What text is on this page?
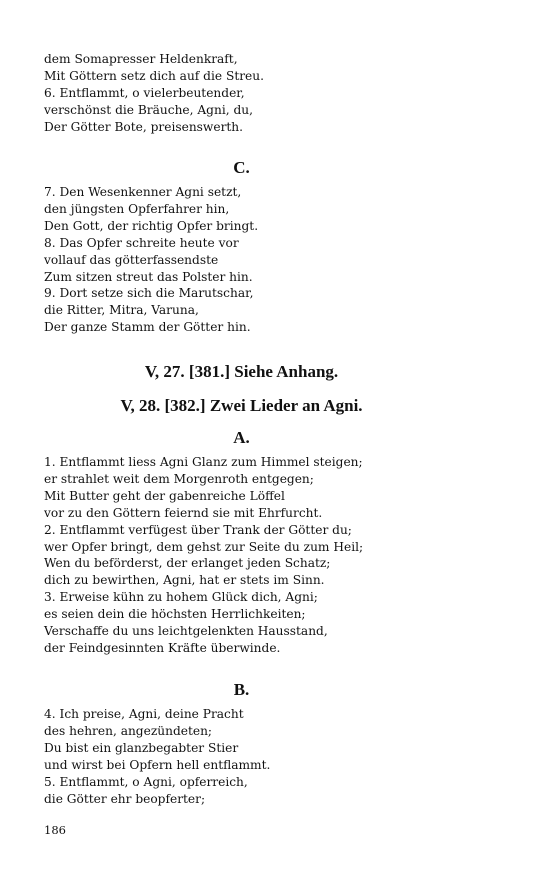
dem Somapresser Heldenkraft,
Mit Göttern setz dich auf die Streu.
6. Entflammt, o vielerbeutender,
verschönst die Bräuche, Agni, du,
Der Götter Bote, preisenswerth.
C.
7. Den Wesenkenner Agni setzt,
den jüngsten Opferfahrer hin,
Den Gott, der richtig Opfer bringt.
8. Das Opfer schreite heute vor
vollauf das götterfassendste
Zum sitzen streut das Polster hin.
9. Dort setze sich die Marutschar,
die Ritter, Mitra, Varuna,
Der ganze Stamm der Götter hin.
V, 27. [381.] Siehe Anhang.
V, 28. [382.] Zwei Lieder an Agni.
A.
1. Entflammt liess Agni Glanz zum Himmel steigen;
er strahlet weit dem Morgenroth entgegen;
Mit Butter geht der gabenreiche Löffel
vor zu den Göttern feiernd sie mit Ehrfurcht.
2. Entflammt verfügest über Trank der Götter du;
wer Opfer bringt, dem gehst zur Seite du zum Heil;
Wen du beförderst, der erlanget jeden Schatz;
dich zu bewirthen, Agni, hat er stets im Sinn.
3. Erweise kühn zu hohem Glück dich, Agni;
es seien dein die höchsten Herrlichkeiten;
Verschaffe du uns leichtgelenkten Hausstand,
der Feindgesinnten Kräfte überwinde.
B.
4. Ich preise, Agni, deine Pracht
des hehren, angezündeten;
Du bist ein glanzbegabter Stier
und wirst bei Opfern hell entflammt.
5. Entflammt, o Agni, opferreich,
die Götter ehr beopferter;
186
